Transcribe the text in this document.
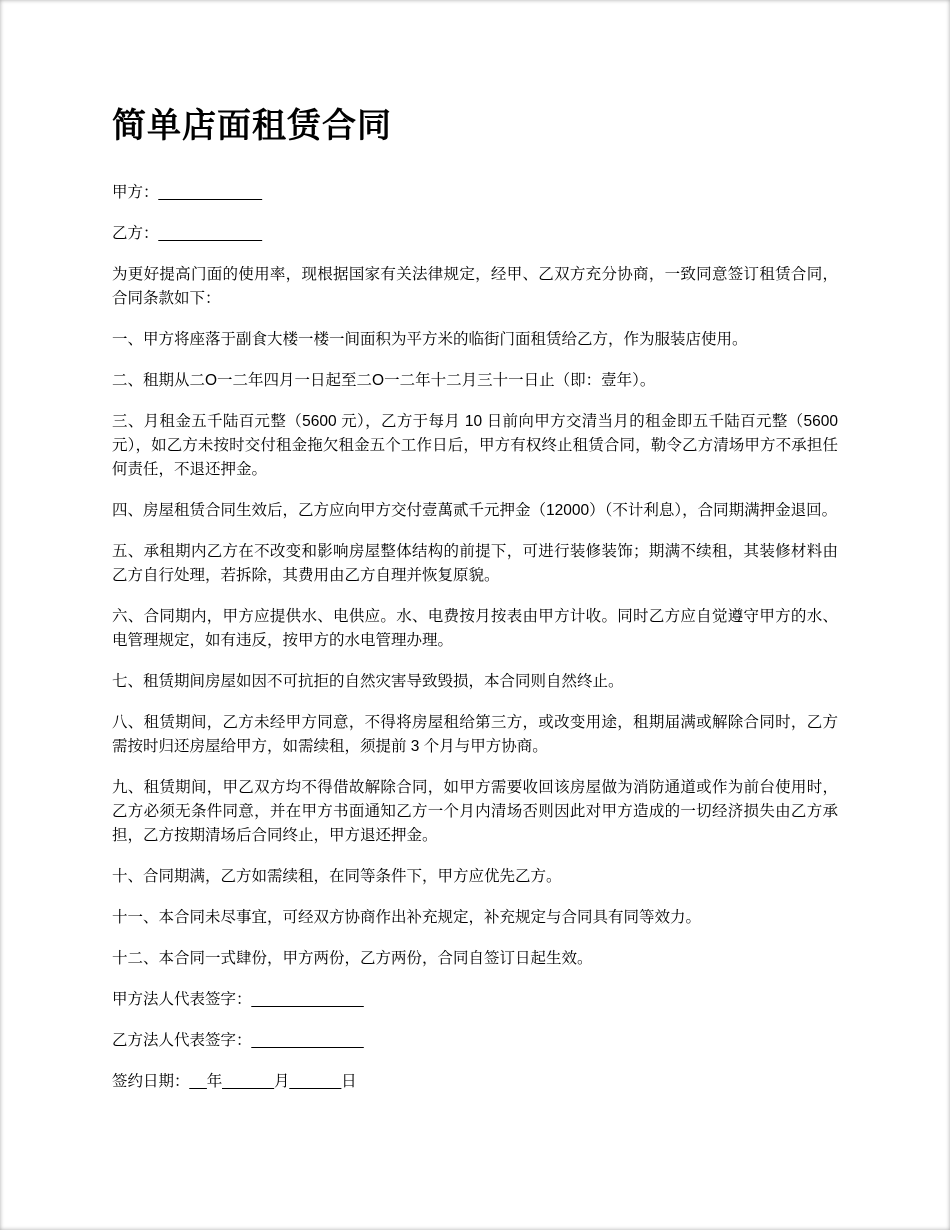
简单店面租赁合同

甲方：____________

乙方：____________

为更好提高门面的使用率，现根据国家有关法律规定，经甲、乙双方充分协商，一致同意签订租赁合同，合同条款如下：

一、甲方将座落于副食大楼一楼一间面积为平方米的临街门面租赁给乙方，作为服装店使用。

二、租期从二O一二年四月一日起至二O一二年十二月三十一日止（即：壹年）。

三、月租金五千陆百元整（5600 元），乙方于每月 10 日前向甲方交清当月的租金即五千陆百元整（5600 元），如乙方未按时交付租金拖欠租金五个工作日后，甲方有权终止租赁合同，勒令乙方清场甲方不承担任何责任，不退还押金。

四、房屋租赁合同生效后，乙方应向甲方交付壹萬贰千元押金（12000）（不计利息），合同期满押金退回。

五、承租期内乙方在不改变和影响房屋整体结构的前提下，可进行装修装饰；期满不续租，其装修材料由乙方自行处理，若拆除，其费用由乙方自理并恢复原貌。

六、合同期内，甲方应提供水、电供应。水、电费按月按表由甲方计收。同时乙方应自觉遵守甲方的水、电管理规定，如有违反，按甲方的水电管理办理。

七、租赁期间房屋如因不可抗拒的自然灾害导致毁损，本合同则自然终止。

八、租赁期间，乙方未经甲方同意，不得将房屋租给第三方，或改变用途，租期届满或解除合同时，乙方需按时归还房屋给甲方，如需续租，须提前 3 个月与甲方协商。

九、租赁期间，甲乙双方均不得借故解除合同，如甲方需要收回该房屋做为消防通道或作为前台使用时，乙方必须无条件同意，并在甲方书面通知乙方一个月内清场否则因此对甲方造成的一切经济损失由乙方承担，乙方按期清场后合同终止，甲方退还押金。

十、合同期满，乙方如需续租，在同等条件下，甲方应优先乙方。

十一、本合同未尽事宜，可经双方协商作出补充规定，补充规定与合同具有同等效力。

十二、本合同一式肆份，甲方两份，乙方两份，合同自签订日起生效。

甲方法人代表签字：_____________

乙方法人代表签字：_____________

签约日期：__年______月______日
